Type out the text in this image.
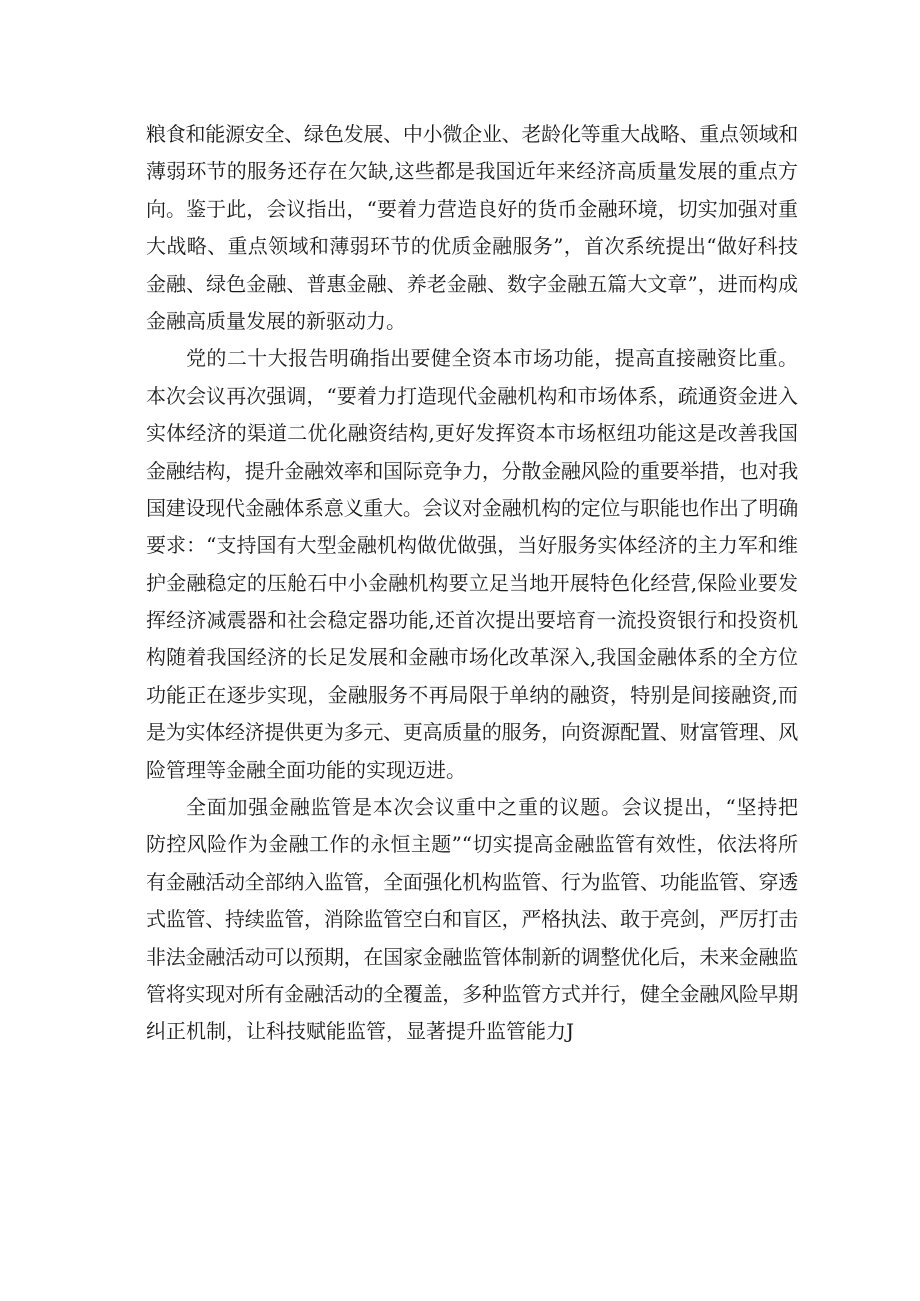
粮食和能源安全、绿色发展、中小微企业、老龄化等重大战略、重点领域和
薄弱环节的服务还存在欠缺,这些都是我国近年来经济高质量发展的重点方
向。鉴于此，会议指出，“要着力营造良好的货币金融环境，切实加强对重
大战略、重点领域和薄弱环节的优质金融服务”，首次系统提出“做好科技
金融、绿色金融、普惠金融、养老金融、数字金融五篇大文章”，进而构成
金融高质量发展的新驱动力。
党的二十大报告明确指出要健全资本市场功能，提高直接融资比重。
本次会议再次强调，“要着力打造现代金融机构和市场体系，疏通资金进入
实体经济的渠道二优化融资结构,更好发挥资本市场枢纽功能这是改善我国
金融结构，提升金融效率和国际竞争力，分散金融风险的重要举措，也对我
国建设现代金融体系意义重大。会议对金融机构的定位与职能也作出了明确
要求：“支持国有大型金融机构做优做强，当好服务实体经济的主力军和维
护金融稳定的压舱石中小金融机构要立足当地开展特色化经营,保险业要发
挥经济减震器和社会稳定器功能,还首次提出要培育一流投资银行和投资机
构随着我国经济的长足发展和金融市场化改革深入,我国金融体系的全方位
功能正在逐步实现，金融服务不再局限于单纳的融资，特别是间接融资,而
是为实体经济提供更为多元、更高质量的服务，向资源配置、财富管理、风
险管理等金融全面功能的实现迈进。
全面加强金融监管是本次会议重中之重的议题。会议提出，“坚持把
防控风险作为金融工作的永恒主题”“切实提高金融监管有效性，依法将所
有金融活动全部纳入监管，全面强化机构监管、行为监管、功能监管、穿透
式监管、持续监管，消除监管空白和盲区，严格执法、敢于亮剑，严厉打击
非法金融活动可以预期，在国家金融监管体制新的调整优化后，未来金融监
管将实现对所有金融活动的全覆盖，多种监管方式并行，健全金融风险早期
纠正机制，让科技赋能监管，显著提升监管能力J
